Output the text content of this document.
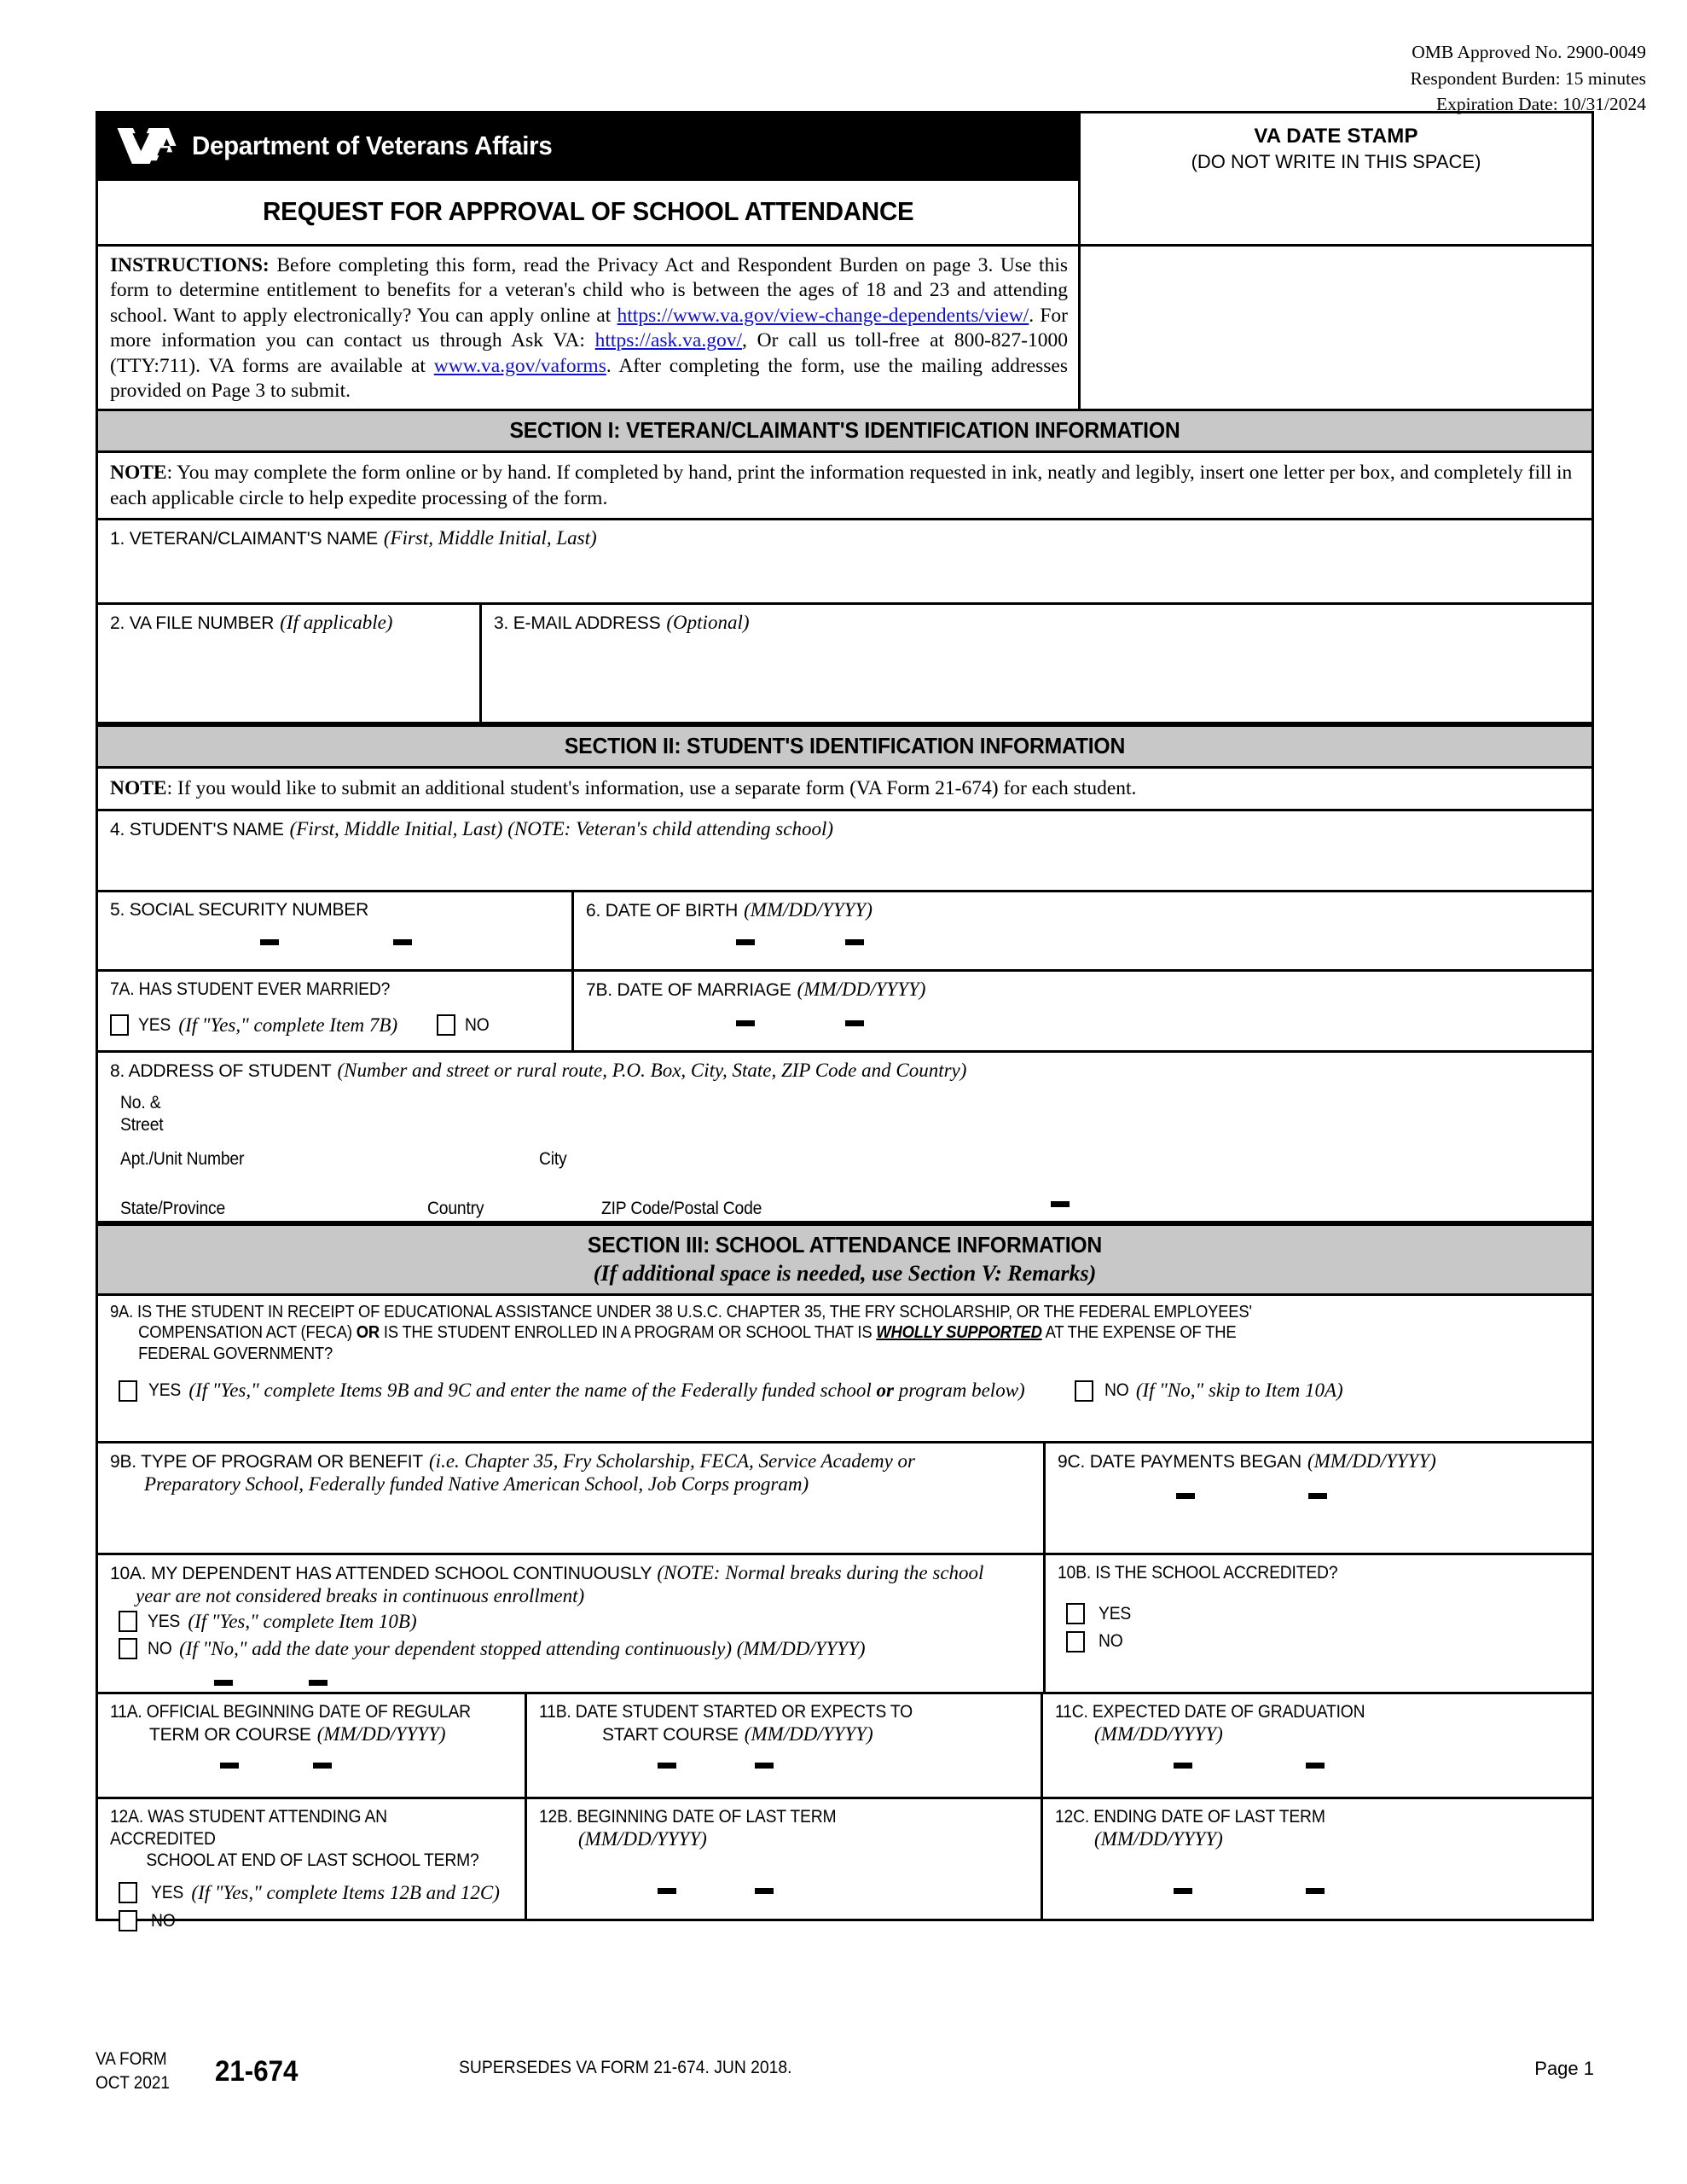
OMB Approved No. 2900-0049
Respondent Burden: 15 minutes
Expiration Date: 10/31/2024
Department of Veterans Affairs
REQUEST FOR APPROVAL OF SCHOOL ATTENDANCE
VA DATE STAMP
(DO NOT WRITE IN THIS SPACE)
INSTRUCTIONS: Before completing this form, read the Privacy Act and Respondent Burden on page 3. Use this form to determine entitlement to benefits for a veteran's child who is between the ages of 18 and 23 and attending school. Want to apply electronically? You can apply online at https://www.va.gov/view-change-dependents/view/. For more information you can contact us through Ask VA: https://ask.va.gov/, Or call us toll-free at 800-827-1000 (TTY:711). VA forms are available at www.va.gov/vaforms. After completing the form, use the mailing addresses provided on Page 3 to submit.
SECTION I: VETERAN/CLAIMANT'S IDENTIFICATION INFORMATION
NOTE: You may complete the form online or by hand. If completed by hand, print the information requested in ink, neatly and legibly, insert one letter per box, and completely fill in each applicable circle to help expedite processing of the form.
1. VETERAN/CLAIMANT'S NAME (First, Middle Initial, Last)
2. VA FILE NUMBER (If applicable)	3. E-MAIL ADDRESS (Optional)
SECTION II: STUDENT'S IDENTIFICATION INFORMATION
NOTE: If you would like to submit an additional student's information, use a separate form (VA Form 21-674) for each student.
4. STUDENT'S NAME (First, Middle Initial, Last) (NOTE: Veteran's child attending school)
5. SOCIAL SECURITY NUMBER	6. DATE OF BIRTH (MM/DD/YYYY)
7A. HAS STUDENT EVER MARRIED?
YES (If "Yes," complete Item 7B)	NO
7B. DATE OF MARRIAGE (MM/DD/YYYY)
8. ADDRESS OF STUDENT (Number and street or rural route, P.O. Box, City, State, ZIP Code and Country)
No. &
Street
Apt./Unit Number	City
State/Province	Country	ZIP Code/Postal Code
SECTION III: SCHOOL ATTENDANCE INFORMATION
(If additional space is needed, use Section V: Remarks)
9A. IS THE STUDENT IN RECEIPT OF EDUCATIONAL ASSISTANCE UNDER 38 U.S.C. CHAPTER 35, THE FRY SCHOLARSHIP, OR THE FEDERAL EMPLOYEES'
COMPENSATION ACT (FECA) OR IS THE STUDENT ENROLLED IN A PROGRAM OR SCHOOL THAT IS WHOLLY SUPPORTED AT THE EXPENSE OF THE
FEDERAL GOVERNMENT?
YES (If "Yes," complete Items 9B and 9C and enter the name of the Federally funded school or program below)	NO (If "No," skip to Item 10A)
9B. TYPE OF PROGRAM OR BENEFIT (i.e. Chapter 35, Fry Scholarship, FECA, Service Academy or
Preparatory School, Federally funded Native American School, Job Corps program)
9C. DATE PAYMENTS BEGAN (MM/DD/YYYY)
10A. MY DEPENDENT HAS ATTENDED SCHOOL CONTINUOUSLY (NOTE: Normal breaks during the school
year are not considered breaks in continuous enrollment)
YES (If "Yes," complete Item 10B)
NO (If "No," add the date your dependent stopped attending continuously) (MM/DD/YYYY)
10B. IS THE SCHOOL ACCREDITED?
YES
NO
11A. OFFICIAL BEGINNING DATE OF REGULAR
TERM OR COURSE (MM/DD/YYYY)
11B. DATE STUDENT STARTED OR EXPECTS TO
START COURSE (MM/DD/YYYY)
11C. EXPECTED DATE OF GRADUATION
(MM/DD/YYYY)
12A. WAS STUDENT ATTENDING AN ACCREDITED
SCHOOL AT END OF LAST SCHOOL TERM?
YES (If "Yes," complete Items 12B and 12C)
NO
12B. BEGINNING DATE OF LAST TERM
(MM/DD/YYYY)
12C. ENDING DATE OF LAST TERM
(MM/DD/YYYY)
VA FORM
OCT 2021	21-674	SUPERSEDES VA FORM 21-674. JUN 2018.	Page 1
